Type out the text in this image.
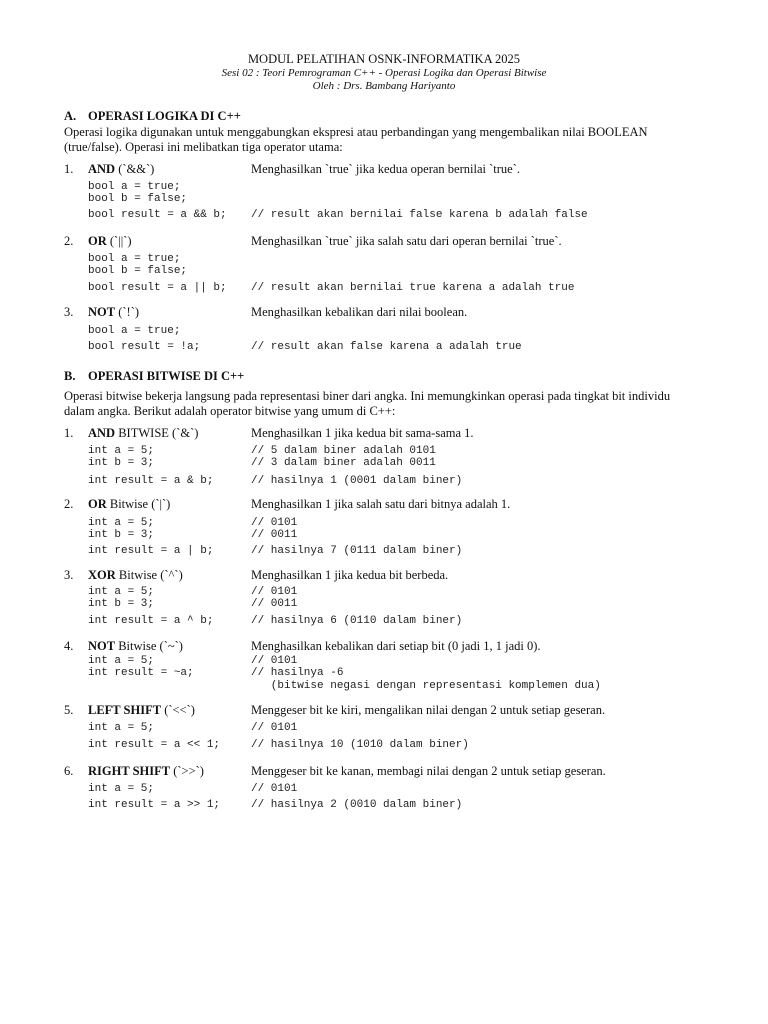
MODUL PELATIHAN OSNK-INFORMATIKA 2025
Sesi 02 : Teori Pemrograman C++ - Operasi Logika dan Operasi Bitwise
Oleh : Drs. Bambang Hariyanto
A. OPERASI LOGIKA DI C++
Operasi logika digunakan untuk menggabungkan ekspresi atau perbandingan yang mengembalikan nilai BOOLEAN (true/false). Operasi ini melibatkan tiga operator utama:
1. AND (`&&`)	Menghasilkan `true` jika kedua operan bernilai `true`.
bool a = true;
bool b = false;
bool result = a && b; // result akan bernilai false karena b adalah false
2. OR (`||`)	Menghasilkan `true` jika salah satu dari operan bernilai `true`.
bool a = true;
bool b = false;
bool result = a || b; // result akan bernilai true karena a adalah true
3. NOT (`!`)	Menghasilkan kebalikan dari nilai boolean.
bool a = true;
bool result = !a;	// result akan false karena a adalah true
B. OPERASI BITWISE DI C++
Operasi bitwise bekerja langsung pada representasi biner dari angka. Ini memungkinkan operasi pada tingkat bit individu dalam angka. Berikut adalah operator bitwise yang umum di C++:
1. AND BITWISE (`&`)	Menghasilkan 1 jika kedua bit sama-sama 1.
int a = 5;	// 5 dalam biner adalah 0101
int b = 3;	// 3 dalam biner adalah 0011
int result = a & b;	// hasilnya 1 (0001 dalam biner)
2. OR Bitwise (`|`)	Menghasilkan 1 jika salah satu dari bitnya adalah 1.
int a = 5;	// 0101
int b = 3;	// 0011
int result = a | b;	// hasilnya 7 (0111 dalam biner)
3. XOR Bitwise (`^`)	Menghasilkan 1 jika kedua bit berbeda.
int a = 5;	// 0101
int b = 3;	// 0011
int result = a ^ b;	// hasilnya 6 (0110 dalam biner)
4. NOT Bitwise (`~`)	Menghasilkan kebalikan dari setiap bit (0 jadi 1, 1 jadi 0).
int a = 5;	// 0101
int result = ~a;	// hasilnya -6
(bitwise negasi dengan representasi komplemen dua)
5. LEFT SHIFT (`<<`)	Menggeser bit ke kiri, mengalikan nilai dengan 2 untuk setiap geseran.
int a = 5;	// 0101
int result = a << 1;	// hasilnya 10 (1010 dalam biner)
6. RIGHT SHIFT (`>>`)	Menggeser bit ke kanan, membagi nilai dengan 2 untuk setiap geseran.
int a = 5;	// 0101
int result = a >> 1;	// hasilnya 2 (0010 dalam biner)
